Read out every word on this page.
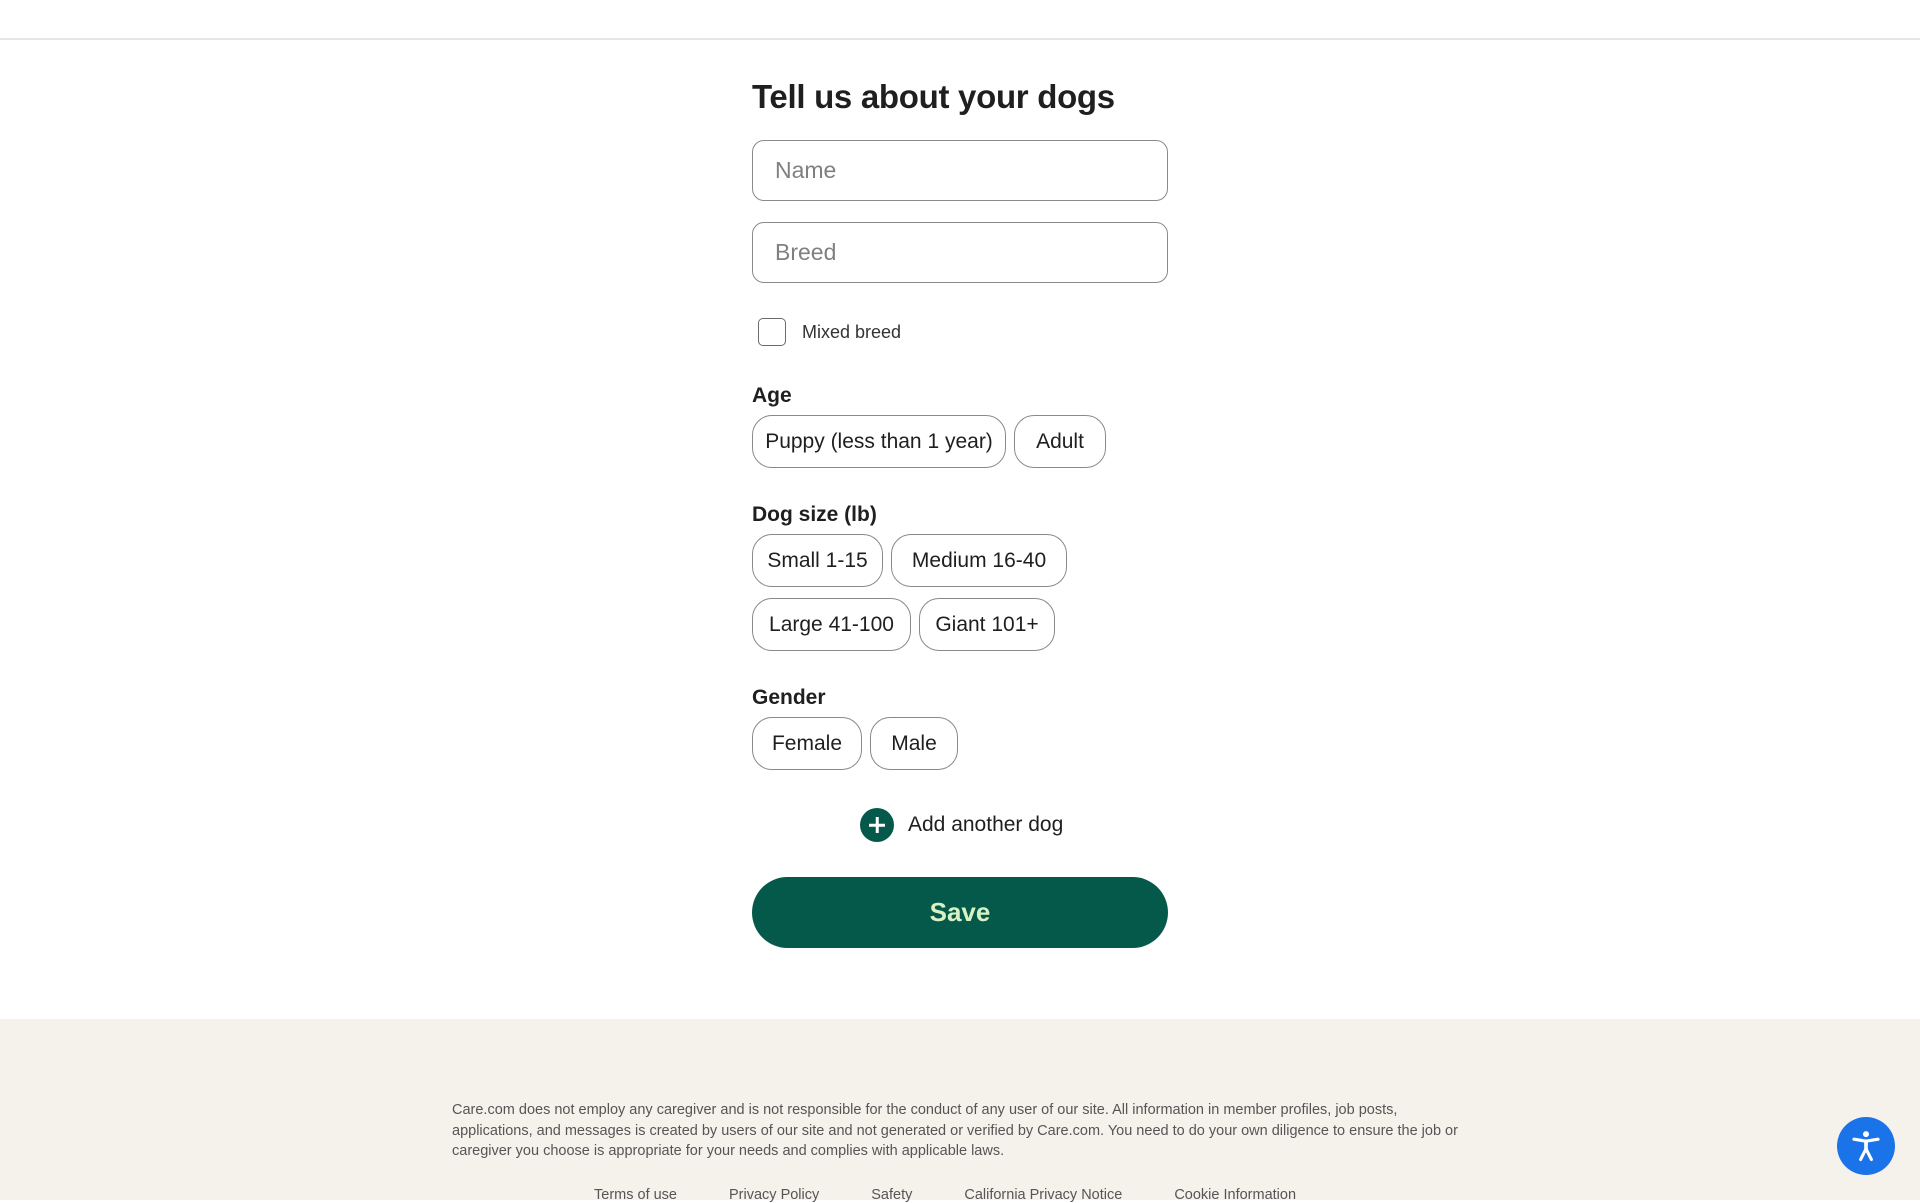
Tell us about your dogs
Name
Breed
Mixed breed
Age
Puppy (less than 1 year)	Adult
Dog size (lb)
Small 1-15	Medium 16-40
Large 41-100	Giant 101+
Gender
Female	Male
Add another dog
Save

Care.com does not employ any caregiver and is not responsible for the conduct of any user of our site. All information in member profiles, job posts, applications, and messages is created by users of our site and not generated or verified by Care.com. You need to do your own diligence to ensure the job or caregiver you choose is appropriate for your needs and complies with applicable laws.

Terms of use	Privacy Policy	Safety	California Privacy Notice	Cookie Information
